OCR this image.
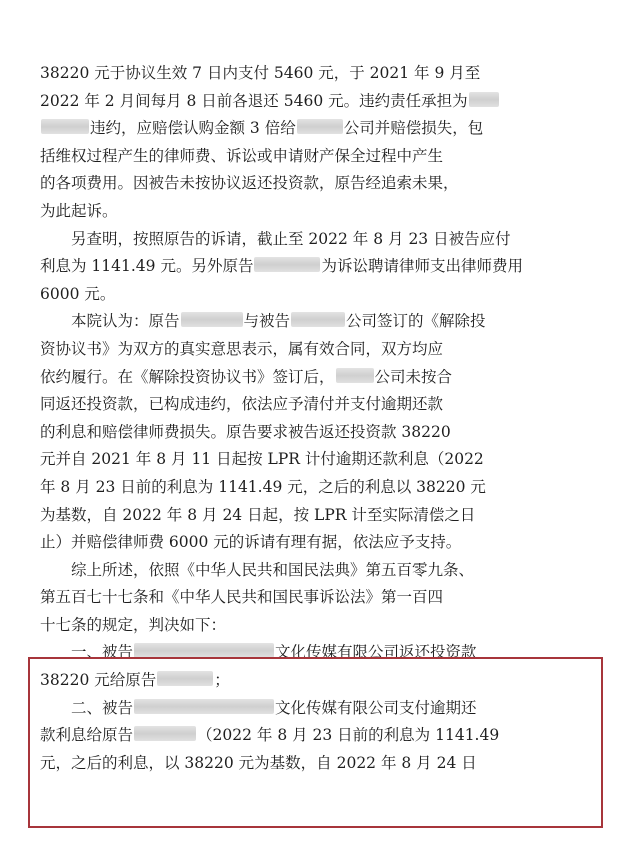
38220 元于协议生效 7 日内支付 5460 元，于 2021 年 9 月至
2022 年 2 月间每月 8 日前各退还 5460 元。违约责任承担为
违约，应赔偿认购金额 3 倍给	公司并赔偿损失，包
括维权过程产生的律师费、诉讼或申请财产保全过程中产生
的各项费用。因被告未按协议返还投资款，原告经追索未果，
为此起诉。
另查明，按照原告的诉请，截止至 2022 年 8 月 23 日被告应付
利息为 1141.49 元。另外原告	为诉讼聘请律师支出律师费用
6000 元。
本院认为：原告	与被告	公司签订的《解除投
资协议书》为双方的真实意思表示，属有效合同，双方均应
依约履行。在《解除投资协议书》签订后，	公司未按合
同返还投资款，已构成违约，依法应予清付并支付逾期还款
的利息和赔偿律师费损失。原告要求被告返还投资款 38220
元并自 2021 年 8 月 11 日起按 LPR 计付逾期还款利息（2022
年 8 月 23 日前的利息为 1141.49 元，之后的利息以 38220 元
为基数，自 2022 年 8 月 24 日起，按 LPR 计至实际清偿之日
止）并赔偿律师费 6000 元的诉请有理有据，依法应予支持。
综上所述，依照《中华人民共和国民法典》第五百零九条、
第五百七十七条和《中华人民共和国民事诉讼法》第一百四
十七条的规定，判决如下：
一、被告	文化传媒有限公司返还投资款
38220 元给原告	；
二、被告	文化传媒有限公司支付逾期还
款利息给原告	（2022 年 8 月 23 日前的利息为 1141.49
元，之后的利息，以 38220 元为基数，自 2022 年 8 月 24 日
